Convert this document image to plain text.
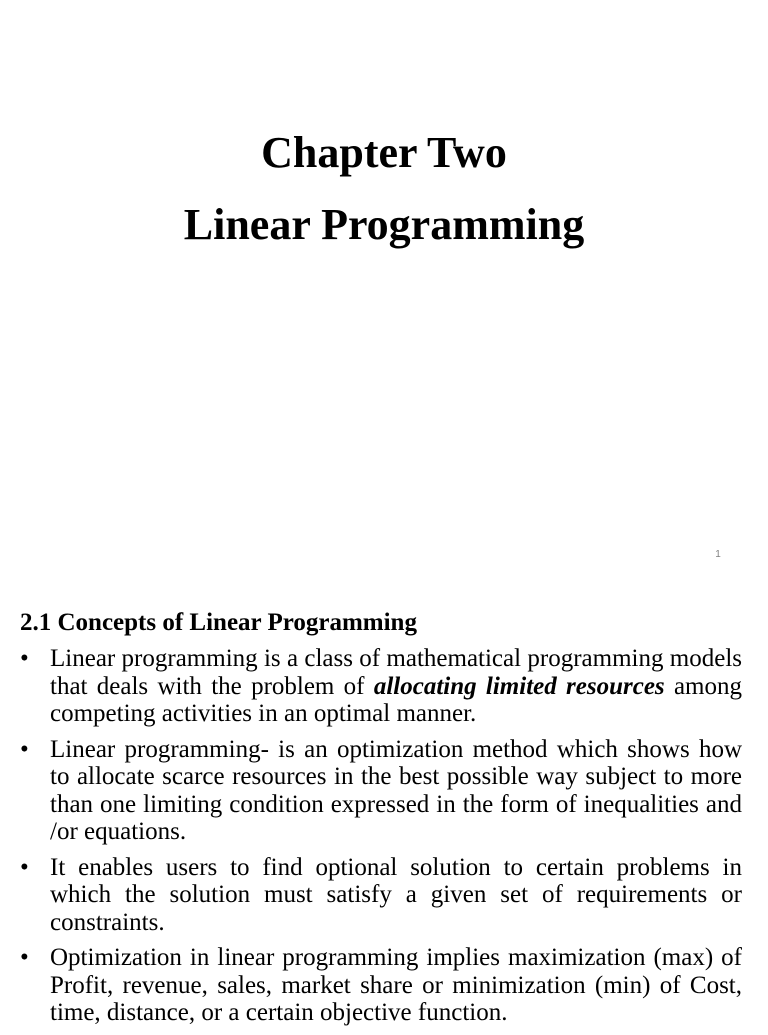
Chapter Two
Linear Programming
1
2.1 Concepts of Linear Programming
• Linear programming is a class of mathematical programming models that deals with the problem of allocating limited resources among competing activities in an optimal manner.
• Linear programming- is an optimization method which shows how to allocate scarce resources in the best possible way subject to more than one limiting condition expressed in the form of inequalities and /or equations.
• It enables users to find optional solution to certain problems in which the solution must satisfy a given set of requirements or constraints.
• Optimization in linear programming implies maximization (max) of Profit, revenue, sales, market share or minimization (min) of Cost, time, distance, or a certain objective function.
